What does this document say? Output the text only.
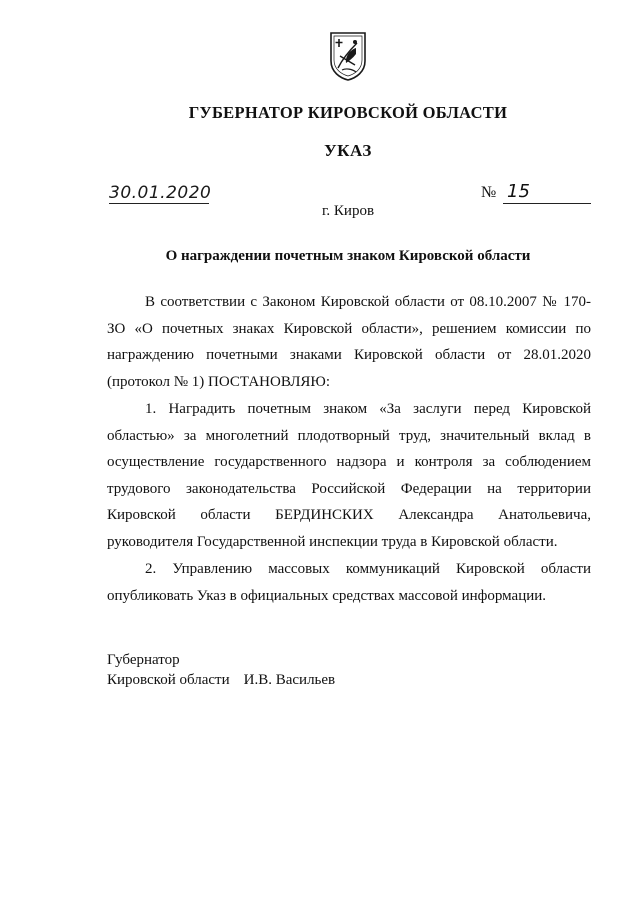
ГУБЕРНАТОР КИРОВСКОЙ ОБЛАСТИ
УКАЗ
30.01.2020	№ 15
г. Киров
О награждении почетным знаком Кировской области

В соответствии с Законом Кировской области от 08.10.2007 № 170-ЗО «О почетных знаках Кировской области», решением комиссии по награждению почетными знаками Кировской области от 28.01.2020 (протокол № 1) ПОСТАНОВЛЯЮ:

1. Наградить почетным знаком «За заслуги перед Кировской областью» за многолетний плодотворный труд, значительный вклад в осуществление государственного надзора и контроля за соблюдением трудового законодательства Российской Федерации на территории Кировской области БЕРДИНСКИХ Александра Анатольевича, руководителя Государственной инспекции труда в Кировской области.

2. Управлению массовых коммуникаций Кировской области опубликовать Указ в официальных средствах массовой информации.

Губернатор
Кировской области И.В. Васильев
